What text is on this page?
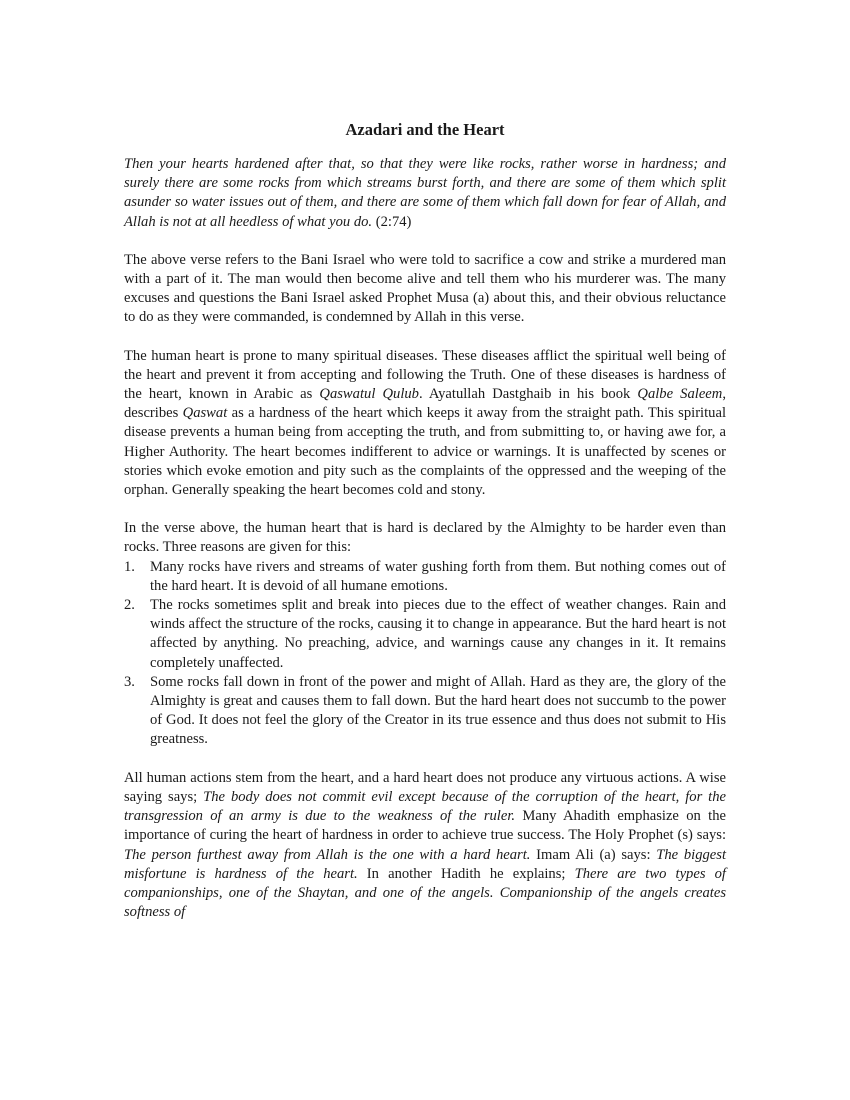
Azadari and the Heart

Then your hearts hardened after that, so that they were like rocks, rather worse in hardness; and surely there are some rocks from which streams burst forth, and there are some of them which split asunder so water issues out of them, and there are some of them which fall down for fear of Allah, and Allah is not at all heedless of what you do. (2:74)

The above verse refers to the Bani Israel who were told to sacrifice a cow and strike a murdered man with a part of it. The man would then become alive and tell them who his murderer was. The many excuses and questions the Bani Israel asked Prophet Musa (a) about this, and their obvious reluctance to do as they were commanded, is condemned by Allah in this verse.

The human heart is prone to many spiritual diseases. These diseases afflict the spiritual well being of the heart and prevent it from accepting and following the Truth. One of these diseases is hardness of the heart, known in Arabic as Qaswatul Qulub. Ayatullah Dastghaib in his book Qalbe Saleem, describes Qaswat as a hardness of the heart which keeps it away from the straight path. This spiritual disease prevents a human being from accepting the truth, and from submitting to, or having awe for, a Higher Authority. The heart becomes indifferent to advice or warnings. It is unaffected by scenes or stories which evoke emotion and pity such as the complaints of the oppressed and the weeping of the orphan. Generally speaking the heart becomes cold and stony.

In the verse above, the human heart that is hard is declared by the Almighty to be harder even than rocks. Three reasons are given for this:

1. Many rocks have rivers and streams of water gushing forth from them. But nothing comes out of the hard heart. It is devoid of all humane emotions.
2. The rocks sometimes split and break into pieces due to the effect of weather changes. Rain and winds affect the structure of the rocks, causing it to change in appearance. But the hard heart is not affected by anything. No preaching, advice, and warnings cause any changes in it. It remains completely unaffected.
3. Some rocks fall down in front of the power and might of Allah. Hard as they are, the glory of the Almighty is great and causes them to fall down. But the hard heart does not succumb to the power of God. It does not feel the glory of the Creator in its true essence and thus does not submit to His greatness.

All human actions stem from the heart, and a hard heart does not produce any virtuous actions. A wise saying says; The body does not commit evil except because of the corruption of the heart, for the transgression of an army is due to the weakness of the ruler. Many Ahadith emphasize on the importance of curing the heart of hardness in order to achieve true success. The Holy Prophet (s) says: The person furthest away from Allah is the one with a hard heart. Imam Ali (a) says: The biggest misfortune is hardness of the heart. In another Hadith he explains; There are two types of companionships, one of the Shaytan, and one of the angels. Companionship of the angels creates softness of
